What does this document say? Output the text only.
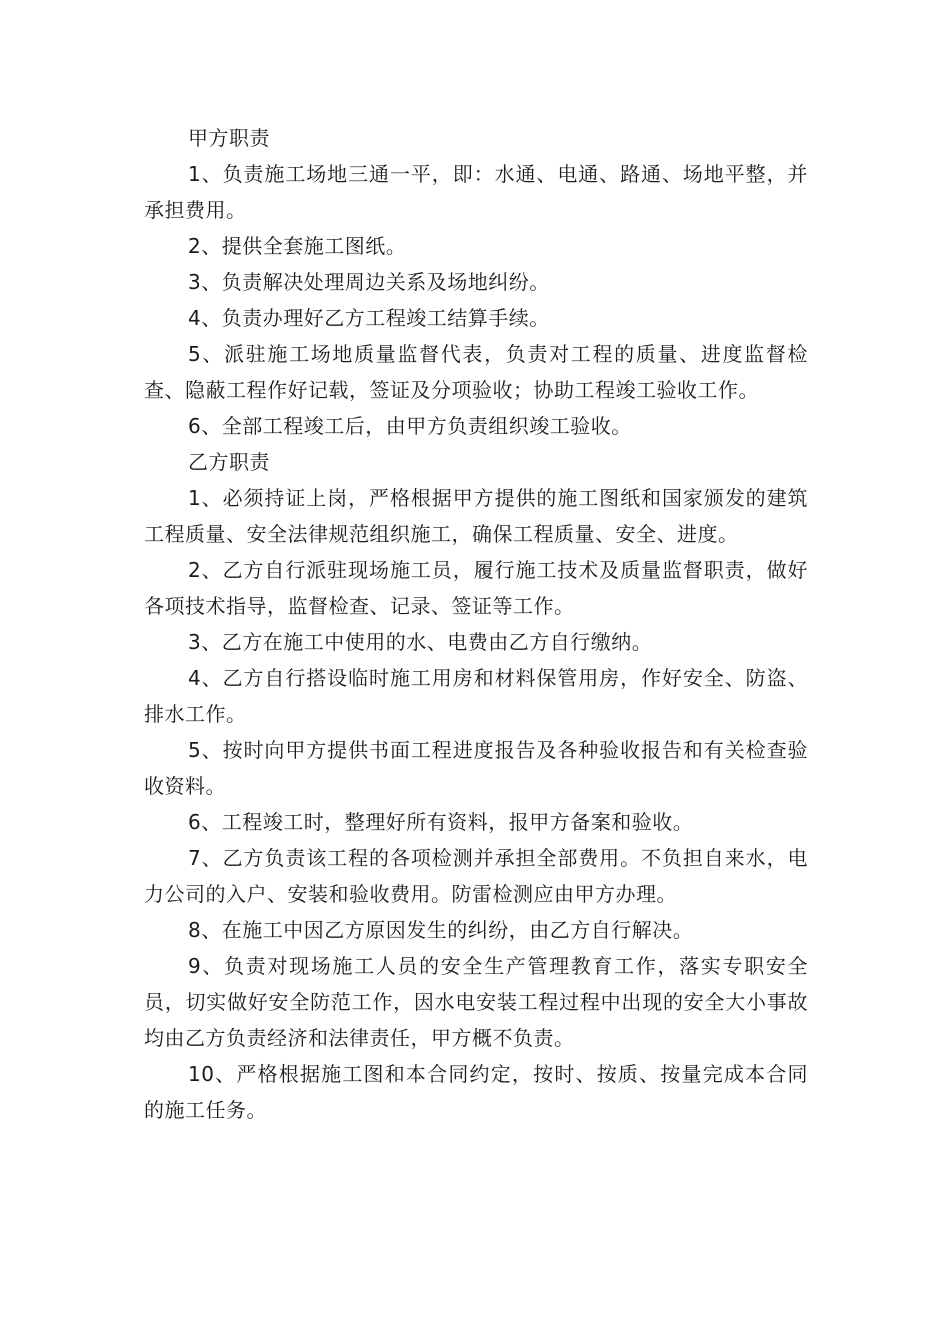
甲方职责

1、负责施工场地三通一平，即：水通、电通、路通、场地平整，并承担费用。

2、提供全套施工图纸。

3、负责解决处理周边关系及场地纠纷。

4、负责办理好乙方工程竣工结算手续。

5、派驻施工场地质量监督代表，负责对工程的质量、进度监督检查、隐蔽工程作好记载，签证及分项验收；协助工程竣工验收工作。

6、全部工程竣工后，由甲方负责组织竣工验收。

乙方职责

1、必须持证上岗，严格根据甲方提供的施工图纸和国家颁发的建筑工程质量、安全法律规范组织施工，确保工程质量、安全、进度。

2、乙方自行派驻现场施工员，履行施工技术及质量监督职责，做好各项技术指导，监督检查、记录、签证等工作。

3、乙方在施工中使用的水、电费由乙方自行缴纳。

4、乙方自行搭设临时施工用房和材料保管用房，作好安全、防盗、排水工作。

5、按时向甲方提供书面工程进度报告及各种验收报告和有关检查验收资料。

6、工程竣工时，整理好所有资料，报甲方备案和验收。

7、乙方负责该工程的各项检测并承担全部费用。不负担自来水，电力公司的入户、安装和验收费用。防雷检测应由甲方办理。

8、在施工中因乙方原因发生的纠纷，由乙方自行解决。

9、负责对现场施工人员的安全生产管理教育工作，落实专职安全员，切实做好安全防范工作，因水电安装工程过程中出现的安全大小事故均由乙方负责经济和法律责任，甲方概不负责。

10、严格根据施工图和本合同约定，按时、按质、按量完成本合同的施工任务。
